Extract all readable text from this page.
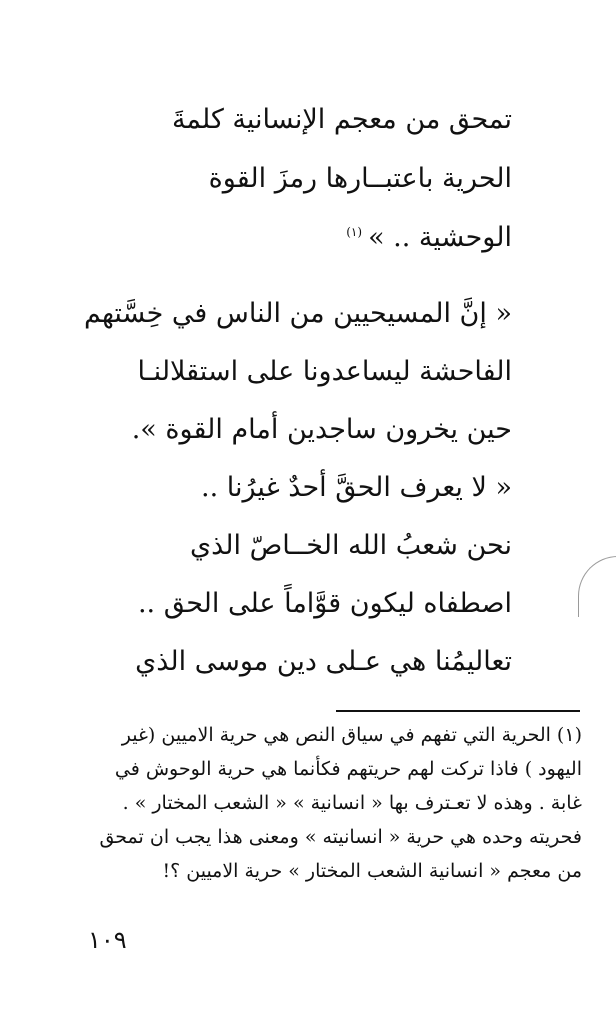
تمحق من معجم الإنسانية كلمةَ
الحرية باعتبــارها رمزَ القوة
الوحشية .. »$^{(١)}$
« إنَّ المسيحيين من الناس في خِسَّتهم
الفاحشة ليساعدونا على استقلالنـا
حين يخرون ساجدين أمام القوة ».
« لا يعرف الحقَّ أحدٌ غيرُنا ..
نحن شعبُ الله الخــاصّ الذي
اصطفاه ليكون قوَّاماً على الحق ..
تعاليمُنا هي عـلى دين موسى الذي

(١) الحرية التي تفهم في سياق النص هي حرية الاميين (غير

اليهود ) فاذا تركت لهم حريتهم فكأنما هي حرية الوحوش في

غابة . وهذه لا تعـترف بها « انسانية » « الشعب المختار » .

فحريته وحده هي حرية « انسانيته » ومعنى هذا يجب ان تمحق

من معجم « انسانية الشعب المختار » حرية الاميين ؟!

١٠٩
